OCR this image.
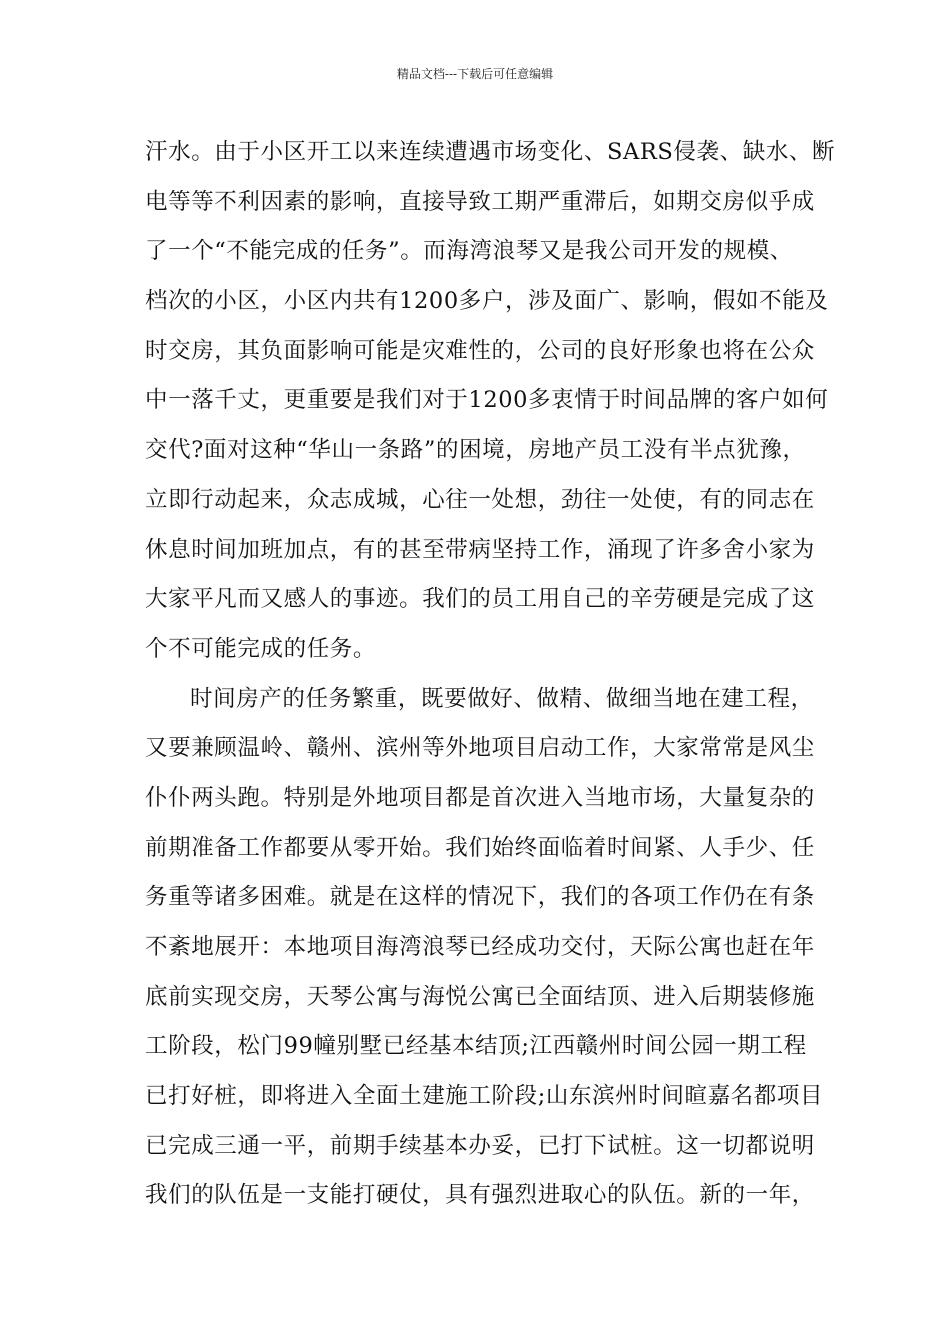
精品文档---下载后可任意编辑
汗水。由于小区开工以来连续遭遇市场变化、SARS侵袭、缺水、断
电等等不利因素的影响，直接导致工期严重滞后，如期交房似乎成
了一个“不能完成的任务”。而海湾浪琴又是我公司开发的规模、
档次的小区，小区内共有1200多户，涉及面广、影响，假如不能及
时交房，其负面影响可能是灾难性的，公司的良好形象也将在公众
中一落千丈，更重要是我们对于1200多衷情于时间品牌的客户如何
交代?面对这种“华山一条路”的困境，房地产员工没有半点犹豫，
立即行动起来，众志成城，心往一处想，劲往一处使，有的同志在
休息时间加班加点，有的甚至带病坚持工作，涌现了许多舍小家为
大家平凡而又感人的事迹。我们的员工用自己的辛劳硬是完成了这
个不可能完成的任务。
时间房产的任务繁重，既要做好、做精、做细当地在建工程，
又要兼顾温岭、赣州、滨州等外地项目启动工作，大家常常是风尘
仆仆两头跑。特别是外地项目都是首次进入当地市场，大量复杂的
前期准备工作都要从零开始。我们始终面临着时间紧、人手少、任
务重等诸多困难。就是在这样的情况下，我们的各项工作仍在有条
不紊地展开：本地项目海湾浪琴已经成功交付，天际公寓也赶在年
底前实现交房，天琴公寓与海悦公寓已全面结顶、进入后期装修施
工阶段，松门99幢别墅已经基本结顶;江西赣州时间公园一期工程
已打好桩，即将进入全面土建施工阶段;山东滨州时间暄嘉名都项目
已完成三通一平，前期手续基本办妥，已打下试桩。这一切都说明
我们的队伍是一支能打硬仗，具有强烈进取心的队伍。新的一年，
